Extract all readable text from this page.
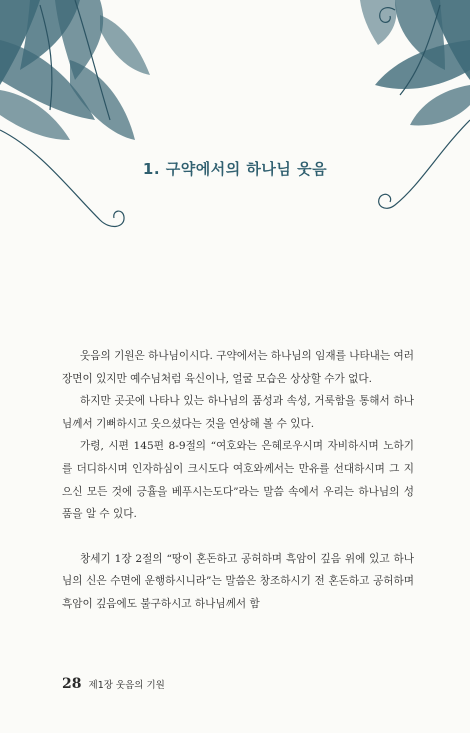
1. 구약에서의 하나님 웃음

웃음의 기원은 하나님이시다. 구약에서는 하나님의 임재를 나타내는 여러 장면이 있지만 예수님처럼 육신이나, 얼굴 모습은 상상할 수가 없다.

하지만 곳곳에 나타나 있는 하나님의 품성과 속성, 거룩함을 통해서 하나님께서 기뻐하시고 웃으셨다는 것을 연상해 볼 수 있다.

가령, 시편 145편 8-9절의 “여호와는 은혜로우시며 자비하시며 노하기를 더디하시며 인자하심이 크시도다 여호와께서는 만유를 선대하시며 그 지으신 모든 것에 긍휼을 베푸시는도다”라는 말씀 속에서 우리는 하나님의 성품을 알 수 있다.

창세기 1장 2절의 “땅이 혼돈하고 공허하며 흑암이 깊음 위에 있고 하나님의 신은 수면에 운행하시니라”는 말씀은 창조하시기 전 혼돈하고 공허하며 흑암이 깊음에도 불구하시고 하나님께서 함

28 제1장 웃음의 기원
